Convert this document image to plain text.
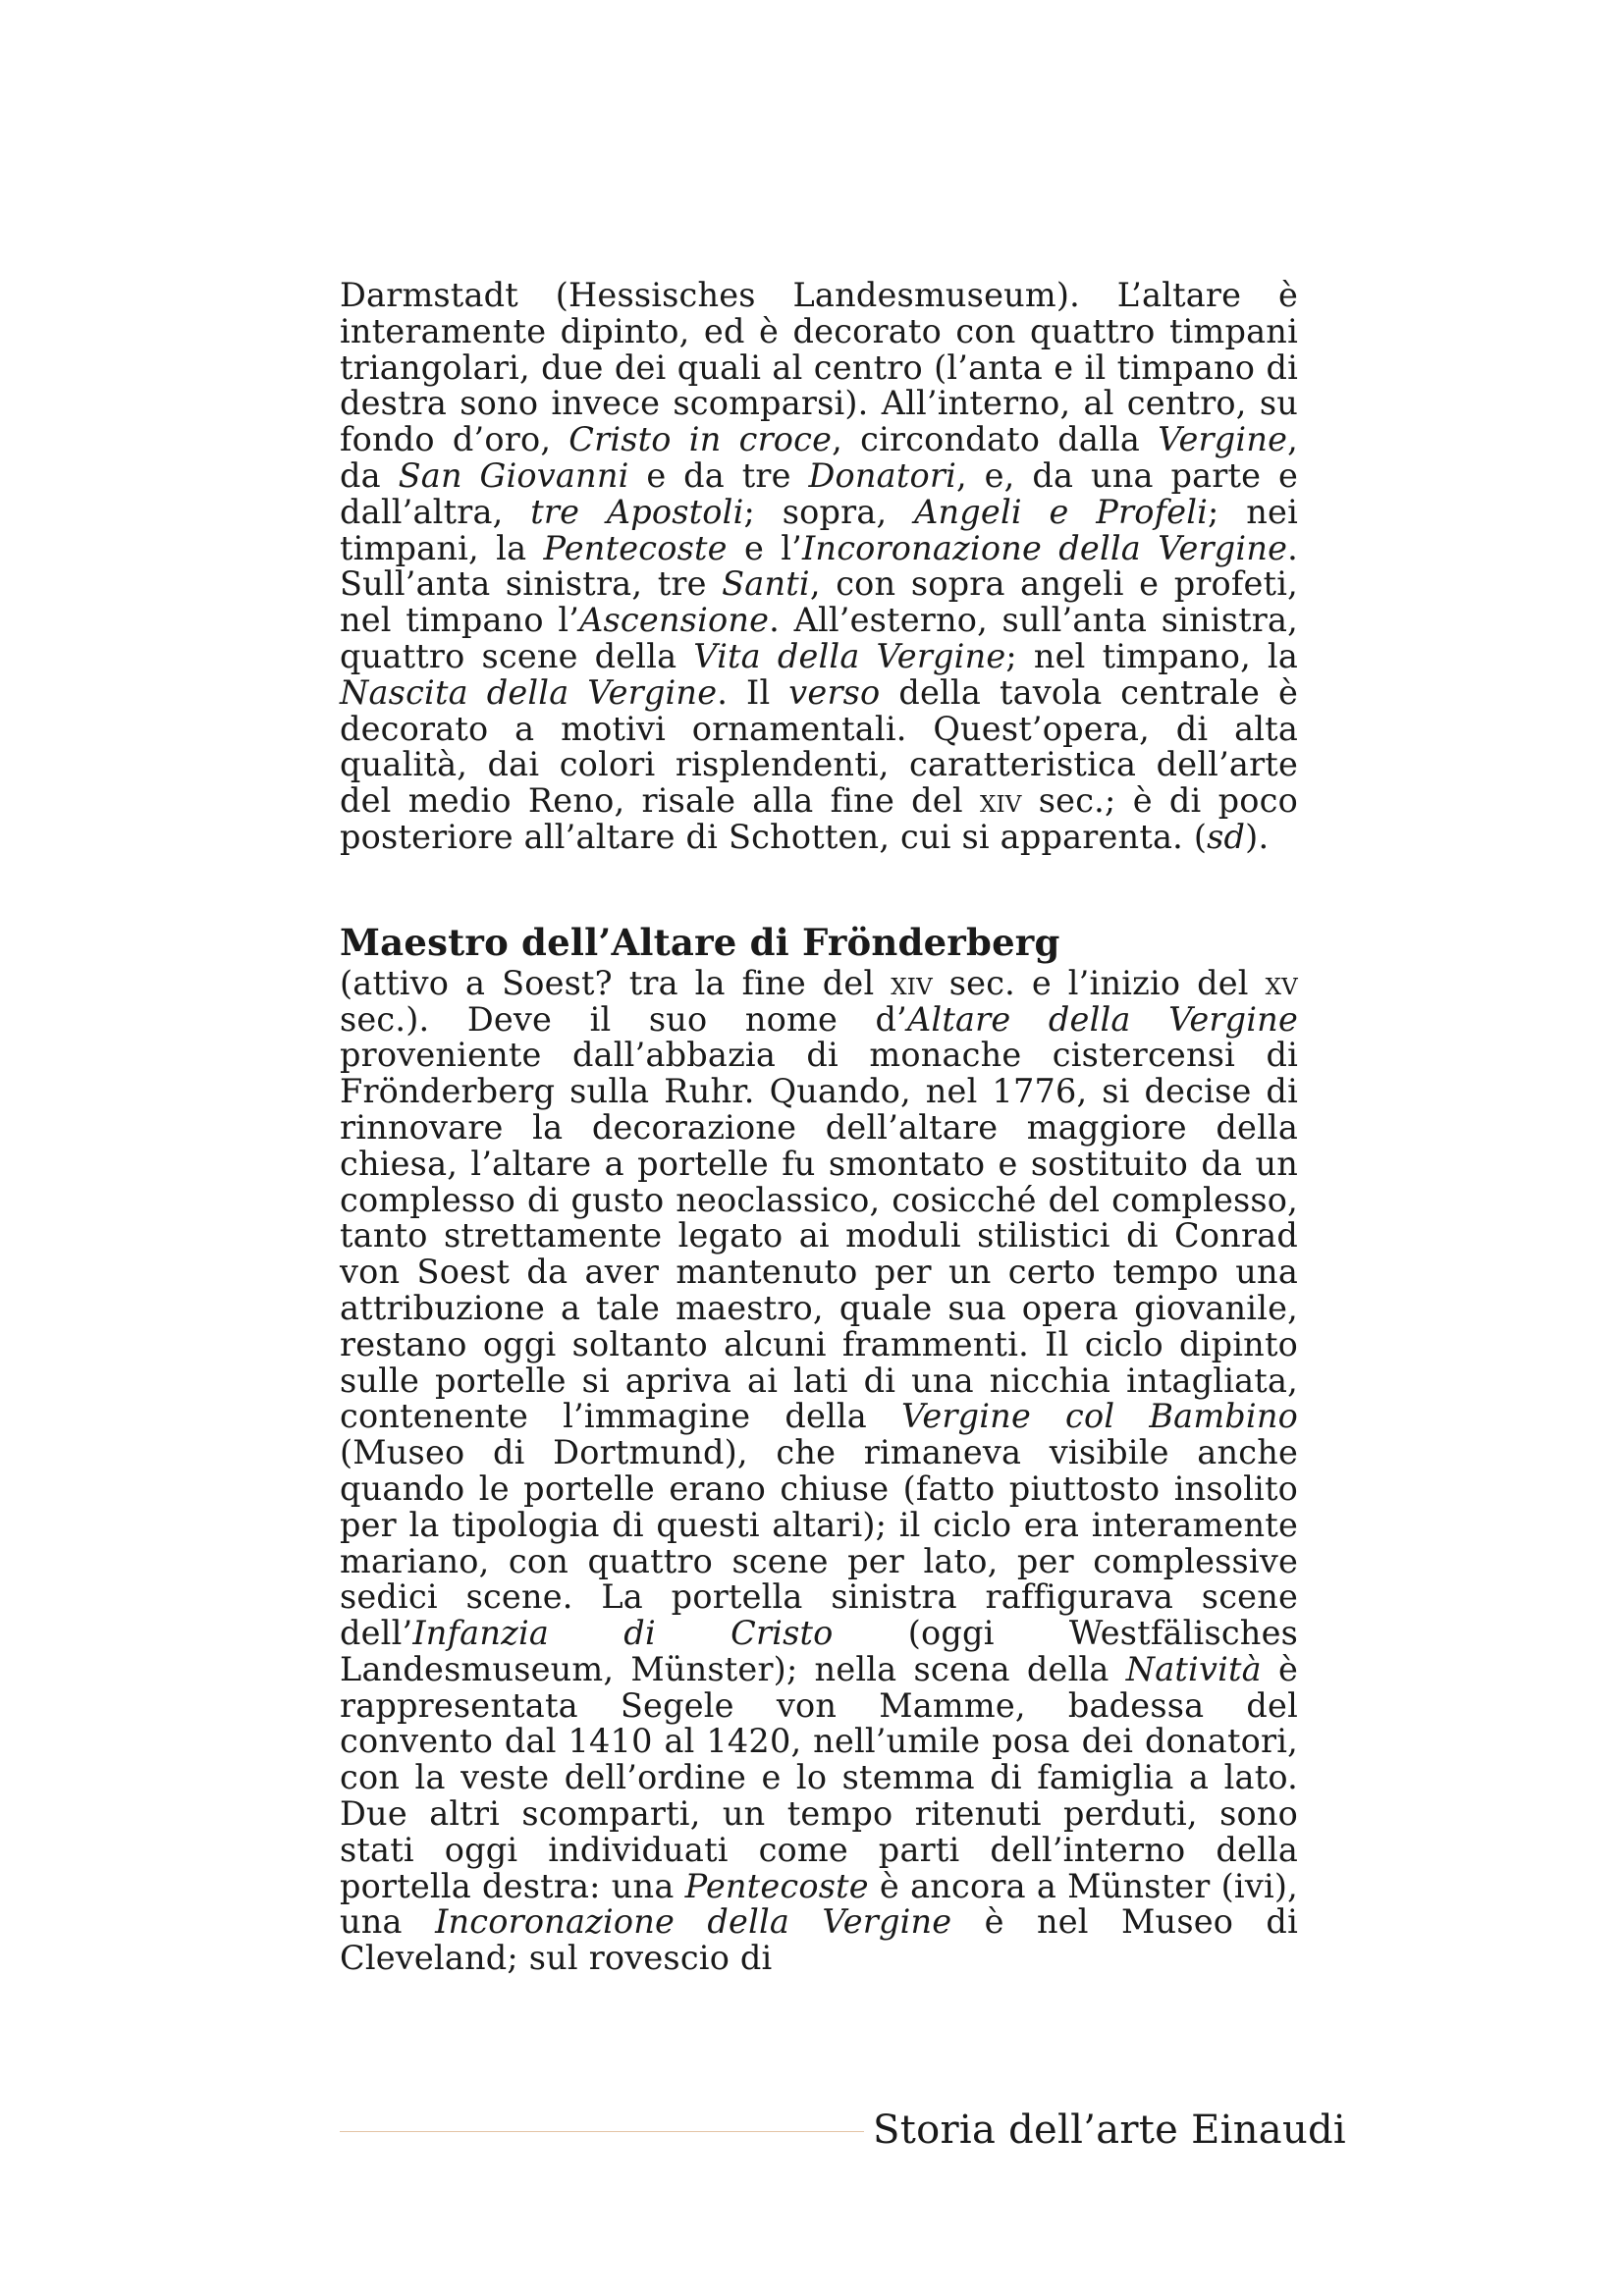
Darmstadt (Hessisches Landesmuseum). L’altare è interamente dipinto, ed è decorato con quattro timpani triangolari, due dei quali al centro (l’anta e il timpano di destra sono invece scomparsi). All’interno, al centro, su fondo d’oro, Cristo in croce, circondato dalla Vergine, da San Giovanni e da tre Donatori, e, da una parte e dall’altra, tre Apostoli; sopra, Angeli e Profeli; nei timpani, la Pentecoste e l’Incoronazione della Vergine. Sull’anta sinistra, tre Santi, con sopra angeli e profeti, nel timpano l’Ascensione. All’esterno, sull’anta sinistra, quattro scene della Vita della Vergine; nel timpano, la Nascita della Vergine. Il verso della tavola centrale è decorato a motivi ornamentali. Quest’opera, di alta qualità, dai colori risplendenti, caratteristica dell’arte del medio Reno, risale alla fine del xiv sec.; è di poco posteriore all’altare di Schotten, cui si apparenta. (sd).

Maestro dell’Altare di Frönderberg

(attivo a Soest? tra la fine del xiv sec. e l’inizio del xv sec.). Deve il suo nome d’Altare della Vergine proveniente dall’abbazia di monache cistercensi di Frönderberg sulla Ruhr. Quando, nel 1776, si decise di rinnovare la decorazione dell’altare maggiore della chiesa, l’altare a portelle fu smontato e sostituito da un complesso di gusto neoclassico, cosicché del complesso, tanto strettamente legato ai moduli stilistici di Conrad von Soest da aver mantenuto per un certo tempo una attribuzione a tale maestro, quale sua opera giovanile, restano oggi soltanto alcuni frammenti. Il ciclo dipinto sulle portelle si apriva ai lati di una nicchia intagliata, contenente l’immagine della Vergine col Bambino (Museo di Dortmund), che rimaneva visibile anche quando le portelle erano chiuse (fatto piuttosto insolito per la tipologia di questi altari); il ciclo era interamente mariano, con quattro scene per lato, per complessive sedici scene. La portella sinistra raffigurava scene dell’Infanzia di Cristo (oggi Westfälisches Landesmuseum, Münster); nella scena della Natività è rappresentata Segele von Mamme, badessa del convento dal 1410 al 1420, nell’umile posa dei donatori, con la veste dell’ordine e lo stemma di famiglia a lato. Due altri scomparti, un tempo ritenuti perduti, sono stati oggi individuati come parti dell’interno della portella destra: una Pentecoste è ancora a Münster (ivi), una Incoronazione della Vergine è nel Museo di Cleveland; sul rovescio di

Storia dell’arte Einaudi
